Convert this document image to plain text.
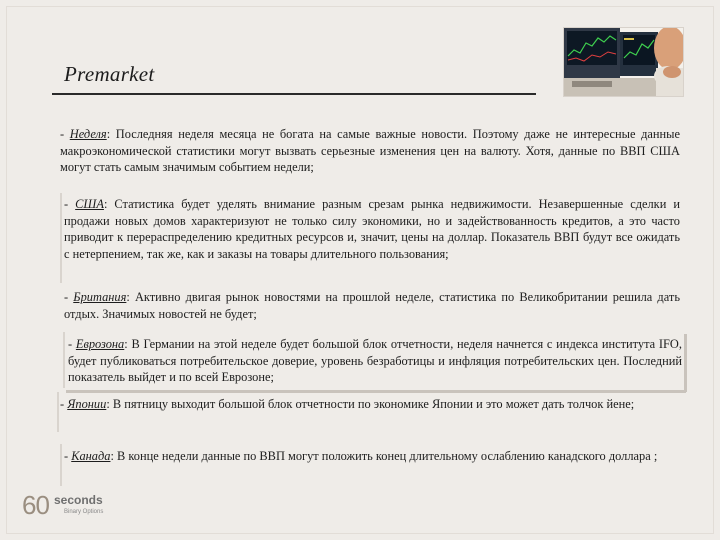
Premarket

- Неделя: Последняя неделя месяца не богата на самые важные новости. Поэтому даже не интересные данные макроэкономической статистики могут вызвать серьезные изменения цен на валюту. Хотя, данные по ВВП США могут стать самым значимым событием недели;

- США: Статистика будет уделять внимание разным срезам рынка недвижимости. Незавершенные сделки и продажи новых домов характеризуют не только силу экономики, но и задействованность кредитов, а это часто приводит к перераспределению кредитных ресурсов и, значит, цены на доллар. Показатель ВВП будут все ожидать с нетерпением, так же, как и заказы на товары длительного пользования;

- Британия: Активно двигая рынок новостями на прошлой неделе, статистика по Великобритании решила дать отдых. Значимых новостей не будет;

- Еврозона: В Германии на этой неделе будет большой блок отчетности, неделя начнется с индекса института IFO, будет публиковаться потребительское доверие, уровень безработицы и инфляция потребительских цен. Последний показатель выйдет и по всей Еврозоне;

- Японии: В пятницу выходит большой блок отчетности по экономике Японии и это может дать толчок йене;

- Канада: В конце недели данные по ВВП могут положить конец длительному ослаблению канадского доллара ;

60 seconds
Binary Options
